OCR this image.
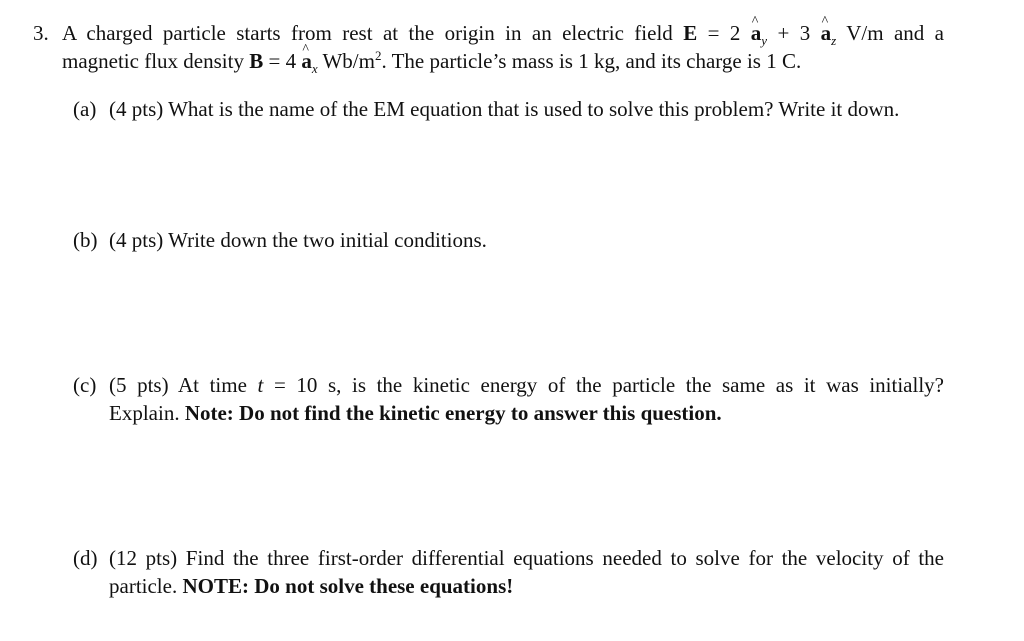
3. A charged particle starts from rest at the origin in an electric field E = 2 ^ $a_y + 3$ ^ $a_z$ V/m and a
magnetic flux density B = 4 ^ $a_x$ $Wb/m^2$. The particle’s mass is 1 kg, and its charge is 1 C.
(a) (4 pts) What is the name of the EM equation that is used to solve this problem? Write it down.
(b) (4 pts) Write down the two initial conditions.
(c) (5 pts) At time t = 10 s, is the kinetic energy of the particle the same as it was initially?
Explain. Note: Do not find the kinetic energy to answer this question.
(d) (12 pts) Find the three first-order differential equations needed to solve for the velocity of the
particle. NOTE: Do not solve these equations!
